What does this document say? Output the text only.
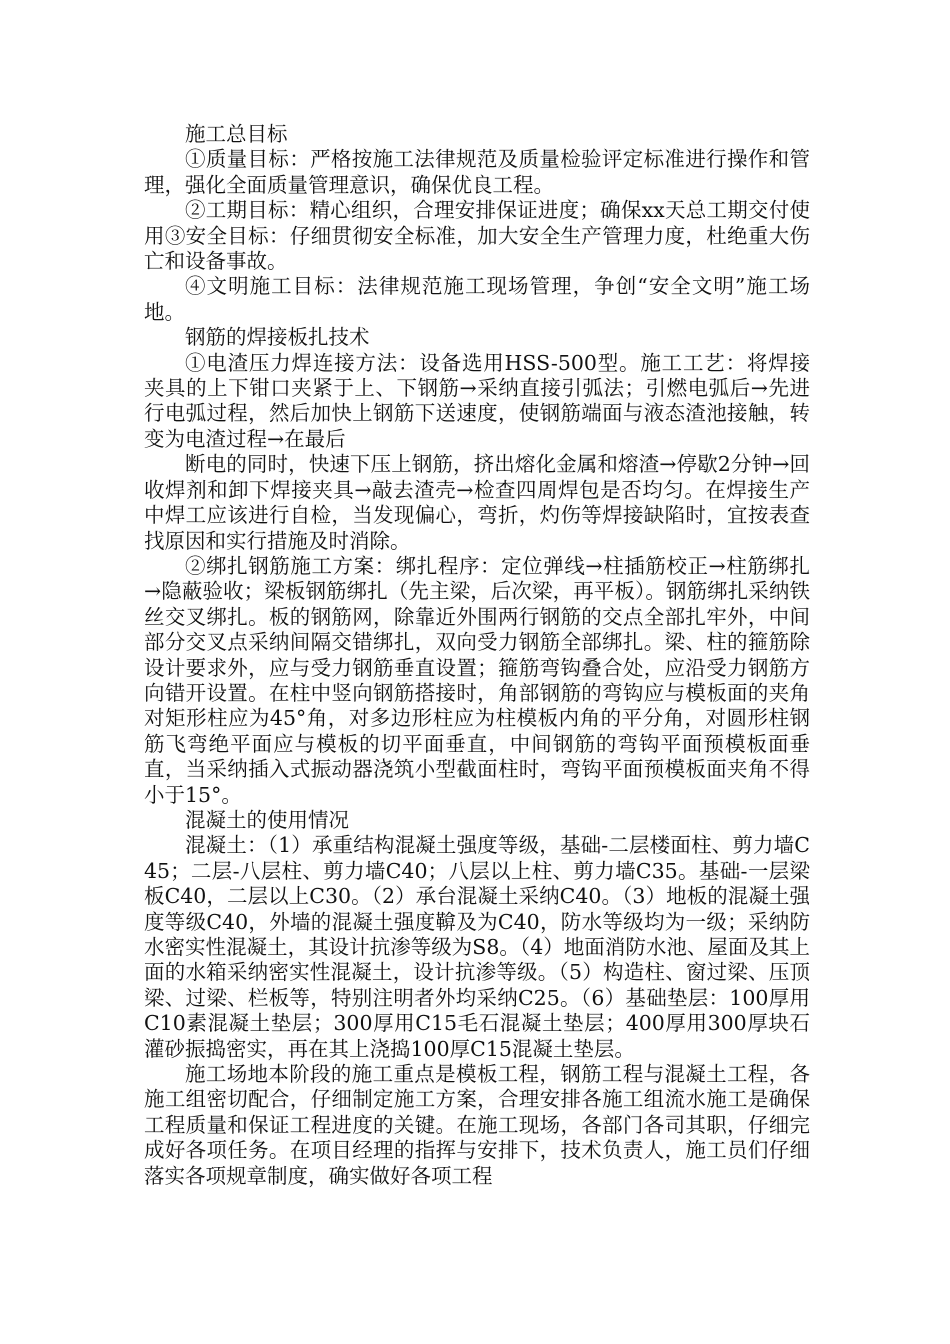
施工总目标

①质量目标：严格按施工法律规范及质量检验评定标准进行操作和管理，强化全面质量管理意识，确保优良工程。

②工期目标：精心组织，合理安排保证进度；确保xx天总工期交付使用③安全目标：仔细贯彻安全标准，加大安全生产管理力度，杜绝重大伤亡和设备事故。

④文明施工目标：法律规范施工现场管理，争创“安全文明”施工场地。

钢筋的焊接板扎技术

①电渣压力焊连接方法：设备选用HSS-500型。施工工艺：将焊接夹具的上下钳口夹紧于上、下钢筋→采纳直接引弧法；引燃电弧后→先进行电弧过程，然后加快上钢筋下送速度，使钢筋端面与液态渣池接触，转变为电渣过程→在最后

断电的同时，快速下压上钢筋，挤出熔化金属和熔渣→停歇2分钟→回收焊剂和卸下焊接夹具→敲去渣壳→检查四周焊包是否均匀。在焊接生产中焊工应该进行自检，当发现偏心，弯折，灼伤等焊接缺陷时，宜按表查找原因和实行措施及时消除。

②绑扎钢筋施工方案：绑扎程序：定位弹线→柱插筋校正→柱筋绑扎→隐蔽验收；梁板钢筋绑扎（先主梁，后次梁，再平板）。钢筋绑扎采纳铁丝交叉绑扎。板的钢筋网，除靠近外围两行钢筋的交点全部扎牢外，中间部分交叉点采纳间隔交错绑扎，双向受力钢筋全部绑扎。梁、柱的箍筋除设计要求外，应与受力钢筋垂直设置；箍筋弯钩叠合处，应沿受力钢筋方向错开设置。在柱中竖向钢筋搭接时，角部钢筋的弯钩应与模板面的夹角对矩形柱应为45°角，对多边形柱应为柱模板内角的平分角，对圆形柱钢筋飞弯绝平面应与模板的切平面垂直，中间钢筋的弯钩平面预模板面垂直，当采纳插入式振动器浇筑小型截面柱时，弯钩平面预模板面夹角不得小于15°。

混凝土的使用情况

混凝土：（1）承重结构混凝土强度等级，基础-二层楼面柱、剪力墙C45；二层-八层柱、剪力墙C40；八层以上柱、剪力墙C35。基础-一层梁板C40，二层以上C30。（2）承台混凝土采纳C40。（3）地板的混凝土强度等级C40，外墙的混凝土强度鞥及为C40，防水等级均为一级；采纳防水密实性混凝土，其设计抗渗等级为S8。（4）地面消防水池、屋面及其上面的水箱采纳密实性混凝土，设计抗渗等级。（5）构造柱、窗过梁、压顶梁、过梁、栏板等，特别注明者外均采纳C25。（6）基础垫层：100厚用C10素混凝土垫层；300厚用C15毛石混凝土垫层；400厚用300厚块石灌砂振捣密实，再在其上浇捣100厚C15混凝土垫层。

施工场地本阶段的施工重点是模板工程，钢筋工程与混凝土工程，各施工组密切配合，仔细制定施工方案，合理安排各施工组流水施工是确保工程质量和保证工程进度的关键。在施工现场，各部门各司其职，仔细完成好各项任务。在项目经理的指挥与安排下，技术负责人，施工员们仔细落实各项规章制度，确实做好各项工程
